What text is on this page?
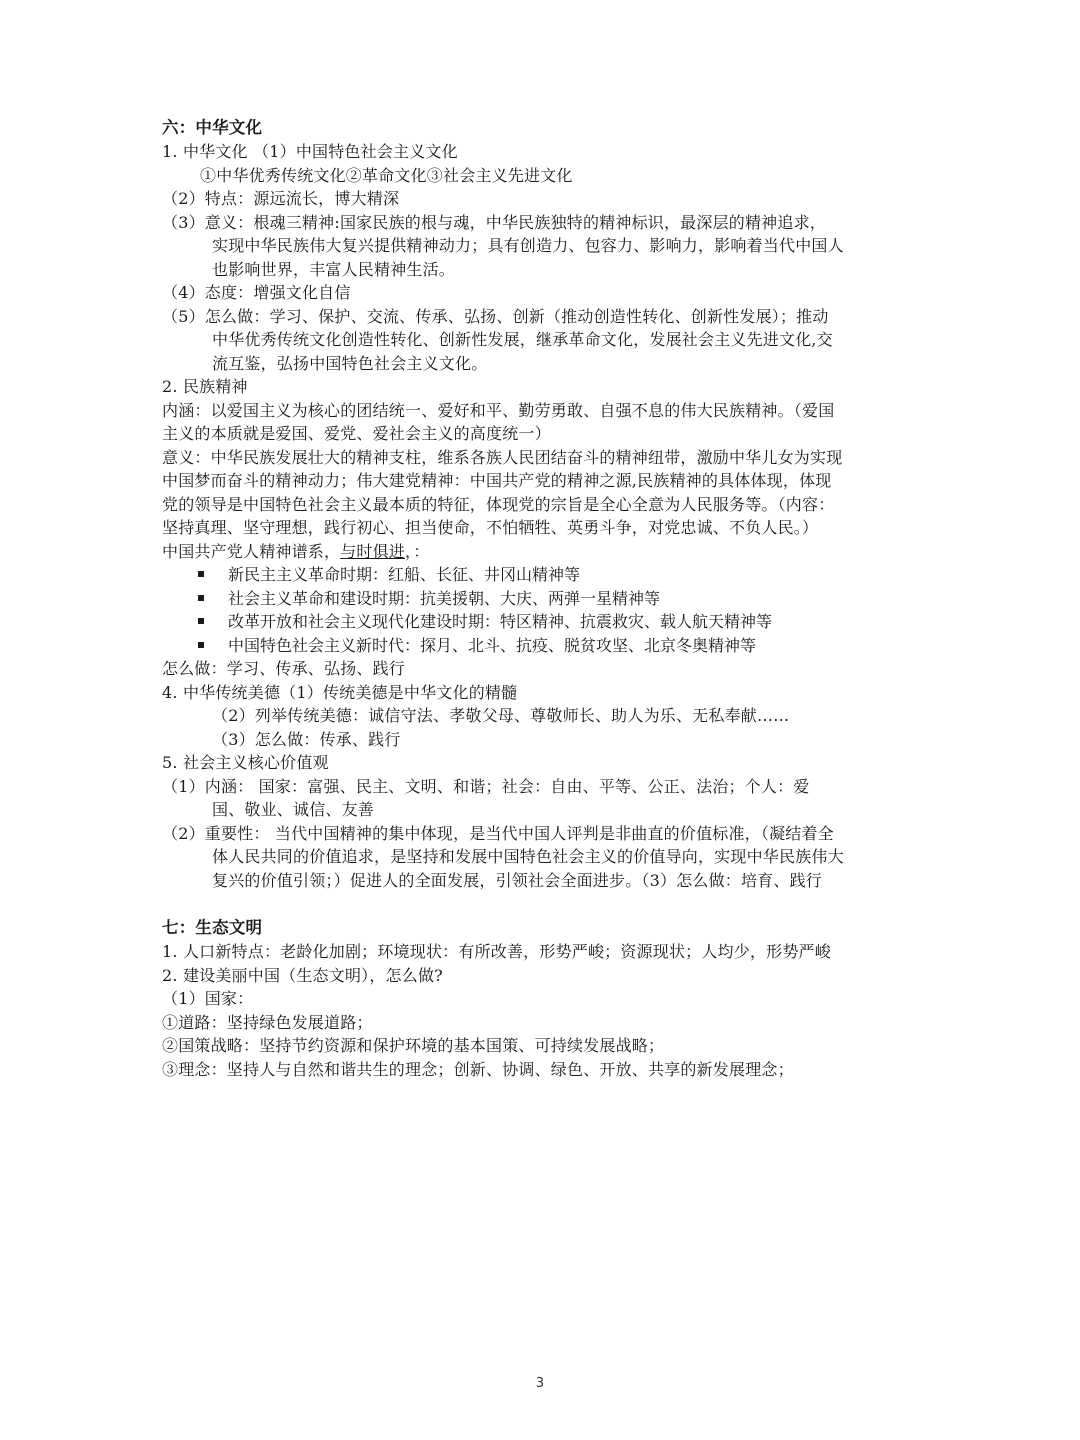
六：中华文化
1. 中华文化 （1）中国特色社会主义文化
①中华优秀传统文化②革命文化③社会主义先进文化
（2）特点：源远流长，博大精深
（3）意义：根魂三精神:国家民族的根与魂，中华民族独特的精神标识，最深层的精神追求，
实现中华民族伟大复兴提供精神动力；具有创造力、包容力、影响力，影响着当代中国人
也影响世界，丰富人民精神生活。
（4）态度：增强文化自信
（5）怎么做：学习、保护、交流、传承、弘扬、创新（推动创造性转化、创新性发展）；推动
中华优秀传统文化创造性转化、创新性发展，继承革命文化，发展社会主义先进文化,交
流互鉴，弘扬中国特色社会主义文化。
2. 民族精神
内涵：以爱国主义为核心的团结统一、爱好和平、勤劳勇敢、自强不息的伟大民族精神。（爱国
主义的本质就是爱国、爱党、爱社会主义的高度统一）
意义：中华民族发展壮大的精神支柱，维系各族人民团结奋斗的精神纽带，激励中华儿女为实现
中国梦而奋斗的精神动力；伟大建党精神：中国共产党的精神之源,民族精神的具体体现，体现
党的领导是中国特色社会主义最本质的特征，体现党的宗旨是全心全意为人民服务等。（内容：
坚持真理、坚守理想，践行初心、担当使命，不怕牺牲、英勇斗争，对党忠诚、不负人民。）
中国共产党人精神谱系，与时俱进，：
新民主主义革命时期：红船、长征、井冈山精神等
社会主义革命和建设时期：抗美援朝、大庆、两弹一星精神等
改革开放和社会主义现代化建设时期：特区精神、抗震救灾、载人航天精神等
中国特色社会主义新时代：探月、北斗、抗疫、脱贫攻坚、北京冬奥精神等
怎么做：学习、传承、弘扬、践行
4. 中华传统美德（1）传统美德是中华文化的精髓
（2）列举传统美德：诚信守法、孝敬父母、尊敬师长、助人为乐、无私奉献……
（3）怎么做：传承、践行
5. 社会主义核心价值观
（1）内涵： 国家：富强、民主、文明、和谐；社会：自由、平等、公正、法治；个人：爱
国、敬业、诚信、友善
（2）重要性： 当代中国精神的集中体现，是当代中国人评判是非曲直的价值标准，（凝结着全
体人民共同的价值追求，是坚持和发展中国特色社会主义的价值导向，实现中华民族伟大
复兴的价值引领；）促进人的全面发展，引领社会全面进步。（3）怎么做：培育、践行
七：生态文明
1. 人口新特点：老龄化加剧；环境现状：有所改善，形势严峻；资源现状；人均少，形势严峻
2. 建设美丽中国（生态文明），怎么做?
（1）国家：
①道路：坚持绿色发展道路；
②国策战略：坚持节约资源和保护环境的基本国策、可持续发展战略；
③理念：坚持人与自然和谐共生的理念；创新、协调、绿色、开放、共享的新发展理念；
3
